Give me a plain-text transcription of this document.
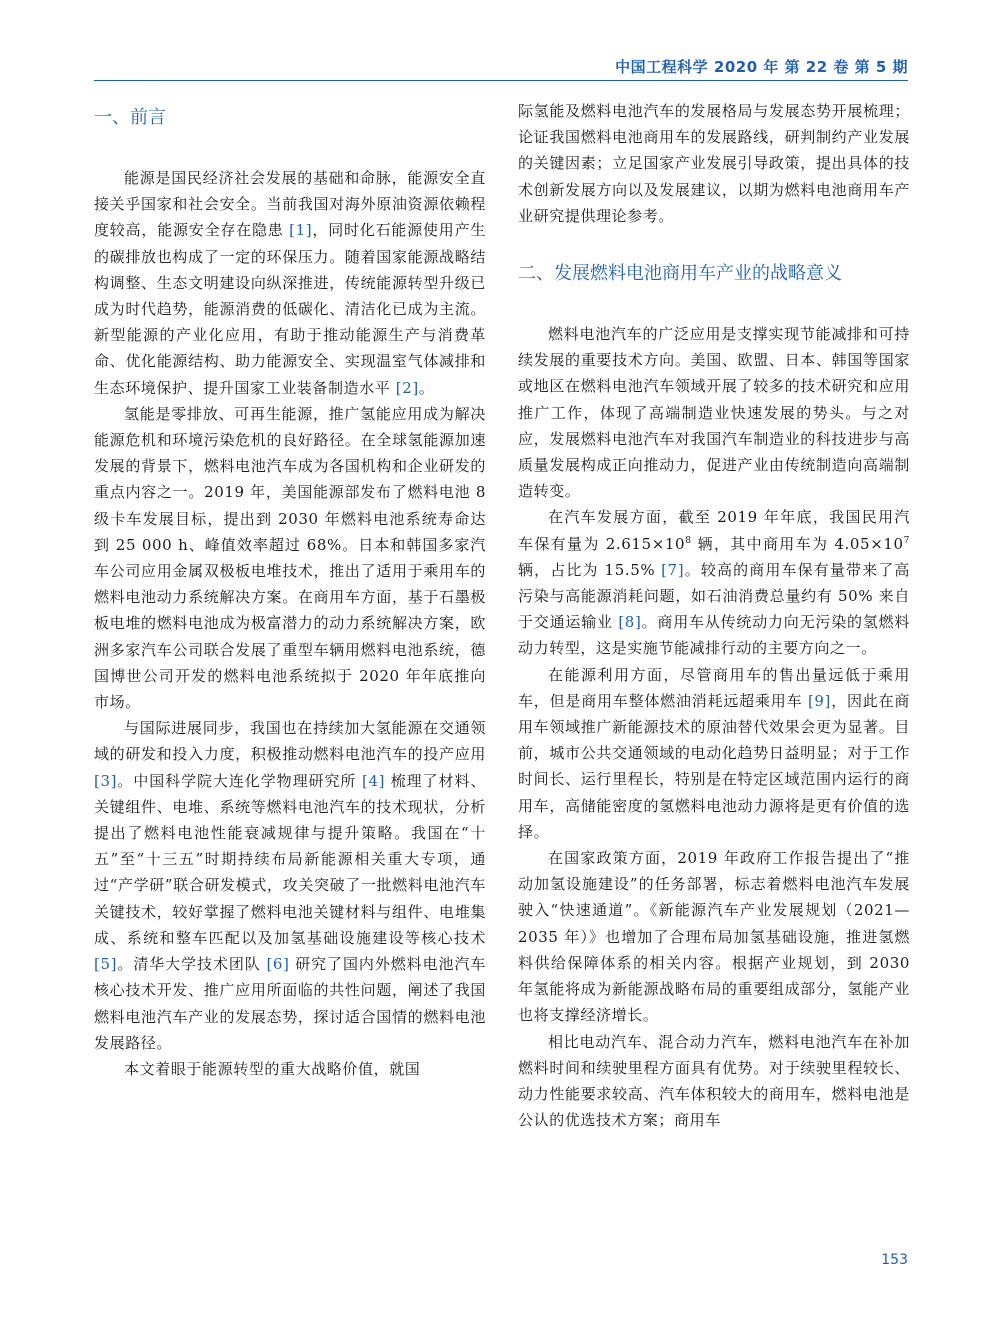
中国工程科学 2020 年 第 22 卷 第 5 期
一、前言

能源是国民经济社会发展的基础和命脉，能源安全直接关乎国家和社会安全。当前我国对海外原油资源依赖程度较高，能源安全存在隐患 [1]，同时化石能源使用产生的碳排放也构成了一定的环保压力。随着国家能源战略结构调整、生态文明建设向纵深推进，传统能源转型升级已成为时代趋势，能源消费的低碳化、清洁化已成为主流。新型能源的产业化应用，有助于推动能源生产与消费革命、优化能源结构、助力能源安全、实现温室气体减排和生态环境保护、提升国家工业装备制造水平 [2]。

氢能是零排放、可再生能源，推广氢能应用成为解决能源危机和环境污染危机的良好路径。在全球氢能源加速发展的背景下，燃料电池汽车成为各国机构和企业研发的重点内容之一。2019 年，美国能源部发布了燃料电池 8 级卡车发展目标，提出到 2030 年燃料电池系统寿命达到 25 000 h、峰值效率超过 68%。日本和韩国多家汽车公司应用金属双极板电堆技术，推出了适用于乘用车的燃料电池动力系统解决方案。在商用车方面，基于石墨极板电堆的燃料电池成为极富潜力的动力系统解决方案，欧洲多家汽车公司联合发展了重型车辆用燃料电池系统，德国博世公司开发的燃料电池系统拟于 2020 年年底推向市场。

与国际进展同步，我国也在持续加大氢能源在交通领域的研发和投入力度，积极推动燃料电池汽车的投产应用 [3]。中国科学院大连化学物理研究所 [4] 梳理了材料、关键组件、电堆、系统等燃料电池汽车的技术现状，分析提出了燃料电池性能衰减规律与提升策略。我国在“十五”至“十三五”时期持续布局新能源相关重大专项，通过“产学研”联合研发模式，攻关突破了一批燃料电池汽车关键技术，较好掌握了燃料电池关键材料与组件、电堆集成、系统和整车匹配以及加氢基础设施建设等核心技术 [5]。清华大学技术团队 [6] 研究了国内外燃料电池汽车核心技术开发、推广应用所面临的共性问题，阐述了我国燃料电池汽车产业的发展态势，探讨适合国情的燃料电池发展路径。

本文着眼于能源转型的重大战略价值，就国

际氢能及燃料电池汽车的发展格局与发展态势开展梳理；论证我国燃料电池商用车的发展路线，研判制约产业发展的关键因素；立足国家产业发展引导政策，提出具体的技术创新发展方向以及发展建议，以期为燃料电池商用车产业研究提供理论参考。

二、发展燃料电池商用车产业的战略意义

燃料电池汽车的广泛应用是支撑实现节能减排和可持续发展的重要技术方向。美国、欧盟、日本、韩国等国家或地区在燃料电池汽车领域开展了较多的技术研究和应用推广工作，体现了高端制造业快速发展的势头。与之对应，发展燃料电池汽车对我国汽车制造业的科技进步与高质量发展构成正向推动力，促进产业由传统制造向高端制造转变。

在汽车发展方面，截至 2019 年年底，我国民用汽车保有量为 $2.615\times 10^8$ 辆，其中商用车为 $4.05\times 10^7$ 辆，占比为 15.5% [7]。较高的商用车保有量带来了高污染与高能源消耗问题，如石油消费总量约有 50% 来自于交通运输业 [8]。商用车从传统动力向无污染的氢燃料动力转型，这是实施节能减排行动的主要方向之一。

在能源利用方面，尽管商用车的售出量远低于乘用车，但是商用车整体燃油消耗远超乘用车 [9]，因此在商用车领域推广新能源技术的原油替代效果会更为显著。目前，城市公共交通领域的电动化趋势日益明显；对于工作时间长、运行里程长，特别是在特定区域范围内运行的商用车，高储能密度的氢燃料电池动力源将是更有价值的选择。

在国家政策方面，2019 年政府工作报告提出了“推动加氢设施建设”的任务部署，标志着燃料电池汽车发展驶入“快速通道”。《新能源汽车产业发展规划（2021—2035 年）》也增加了合理布局加氢基础设施，推进氢燃料供给保障体系的相关内容。根据产业规划，到 2030 年氢能将成为新能源战略布局的重要组成部分，氢能产业也将支撑经济增长。

相比电动汽车、混合动力汽车，燃料电池汽车在补加燃料时间和续驶里程方面具有优势。对于续驶里程较长、动力性能要求较高、汽车体积较大的商用车，燃料电池是公认的优选技术方案；商用车

153
